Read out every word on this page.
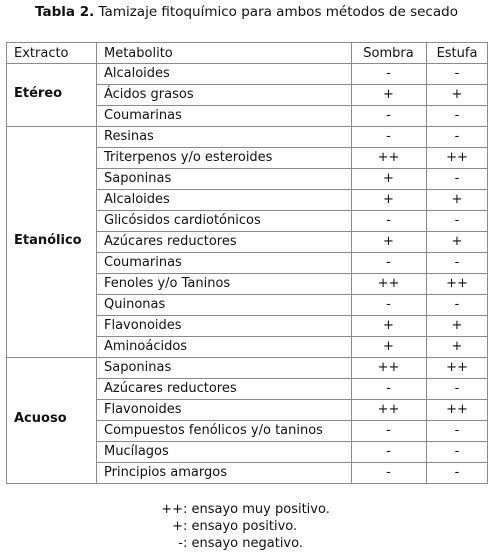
Tabla 2. Tamizaje fitoquímico para ambos métodos de secado
Extracto	Metabolito	Sombra	Estufa
Etéreo
Alcaloides	-	-
Ácidos grasos	+	+
Coumarinas	-	-
Etanólico
Resinas	-	-
Triterpenos y/o esteroides	++	++
Saponinas	+	-
Alcaloides	+	+
Glicósidos cardiotónicos	-	-
Azúcares reductores	+	+
Coumarinas	-	-
Fenoles y/o Taninos	++	++
Quinonas	-	-
Flavonoides	+	+
Aminoácidos	+	+
Acuoso
Saponinas	++	++
Azúcares reductores	-	-
Flavonoides	++	++
Compuestos fenólicos y/o taninos	-	-
Mucílagos	-	-
Principios amargos	-	-
++ : ensayo muy positivo.
+ : ensayo positivo.
- : ensayo negativo.
